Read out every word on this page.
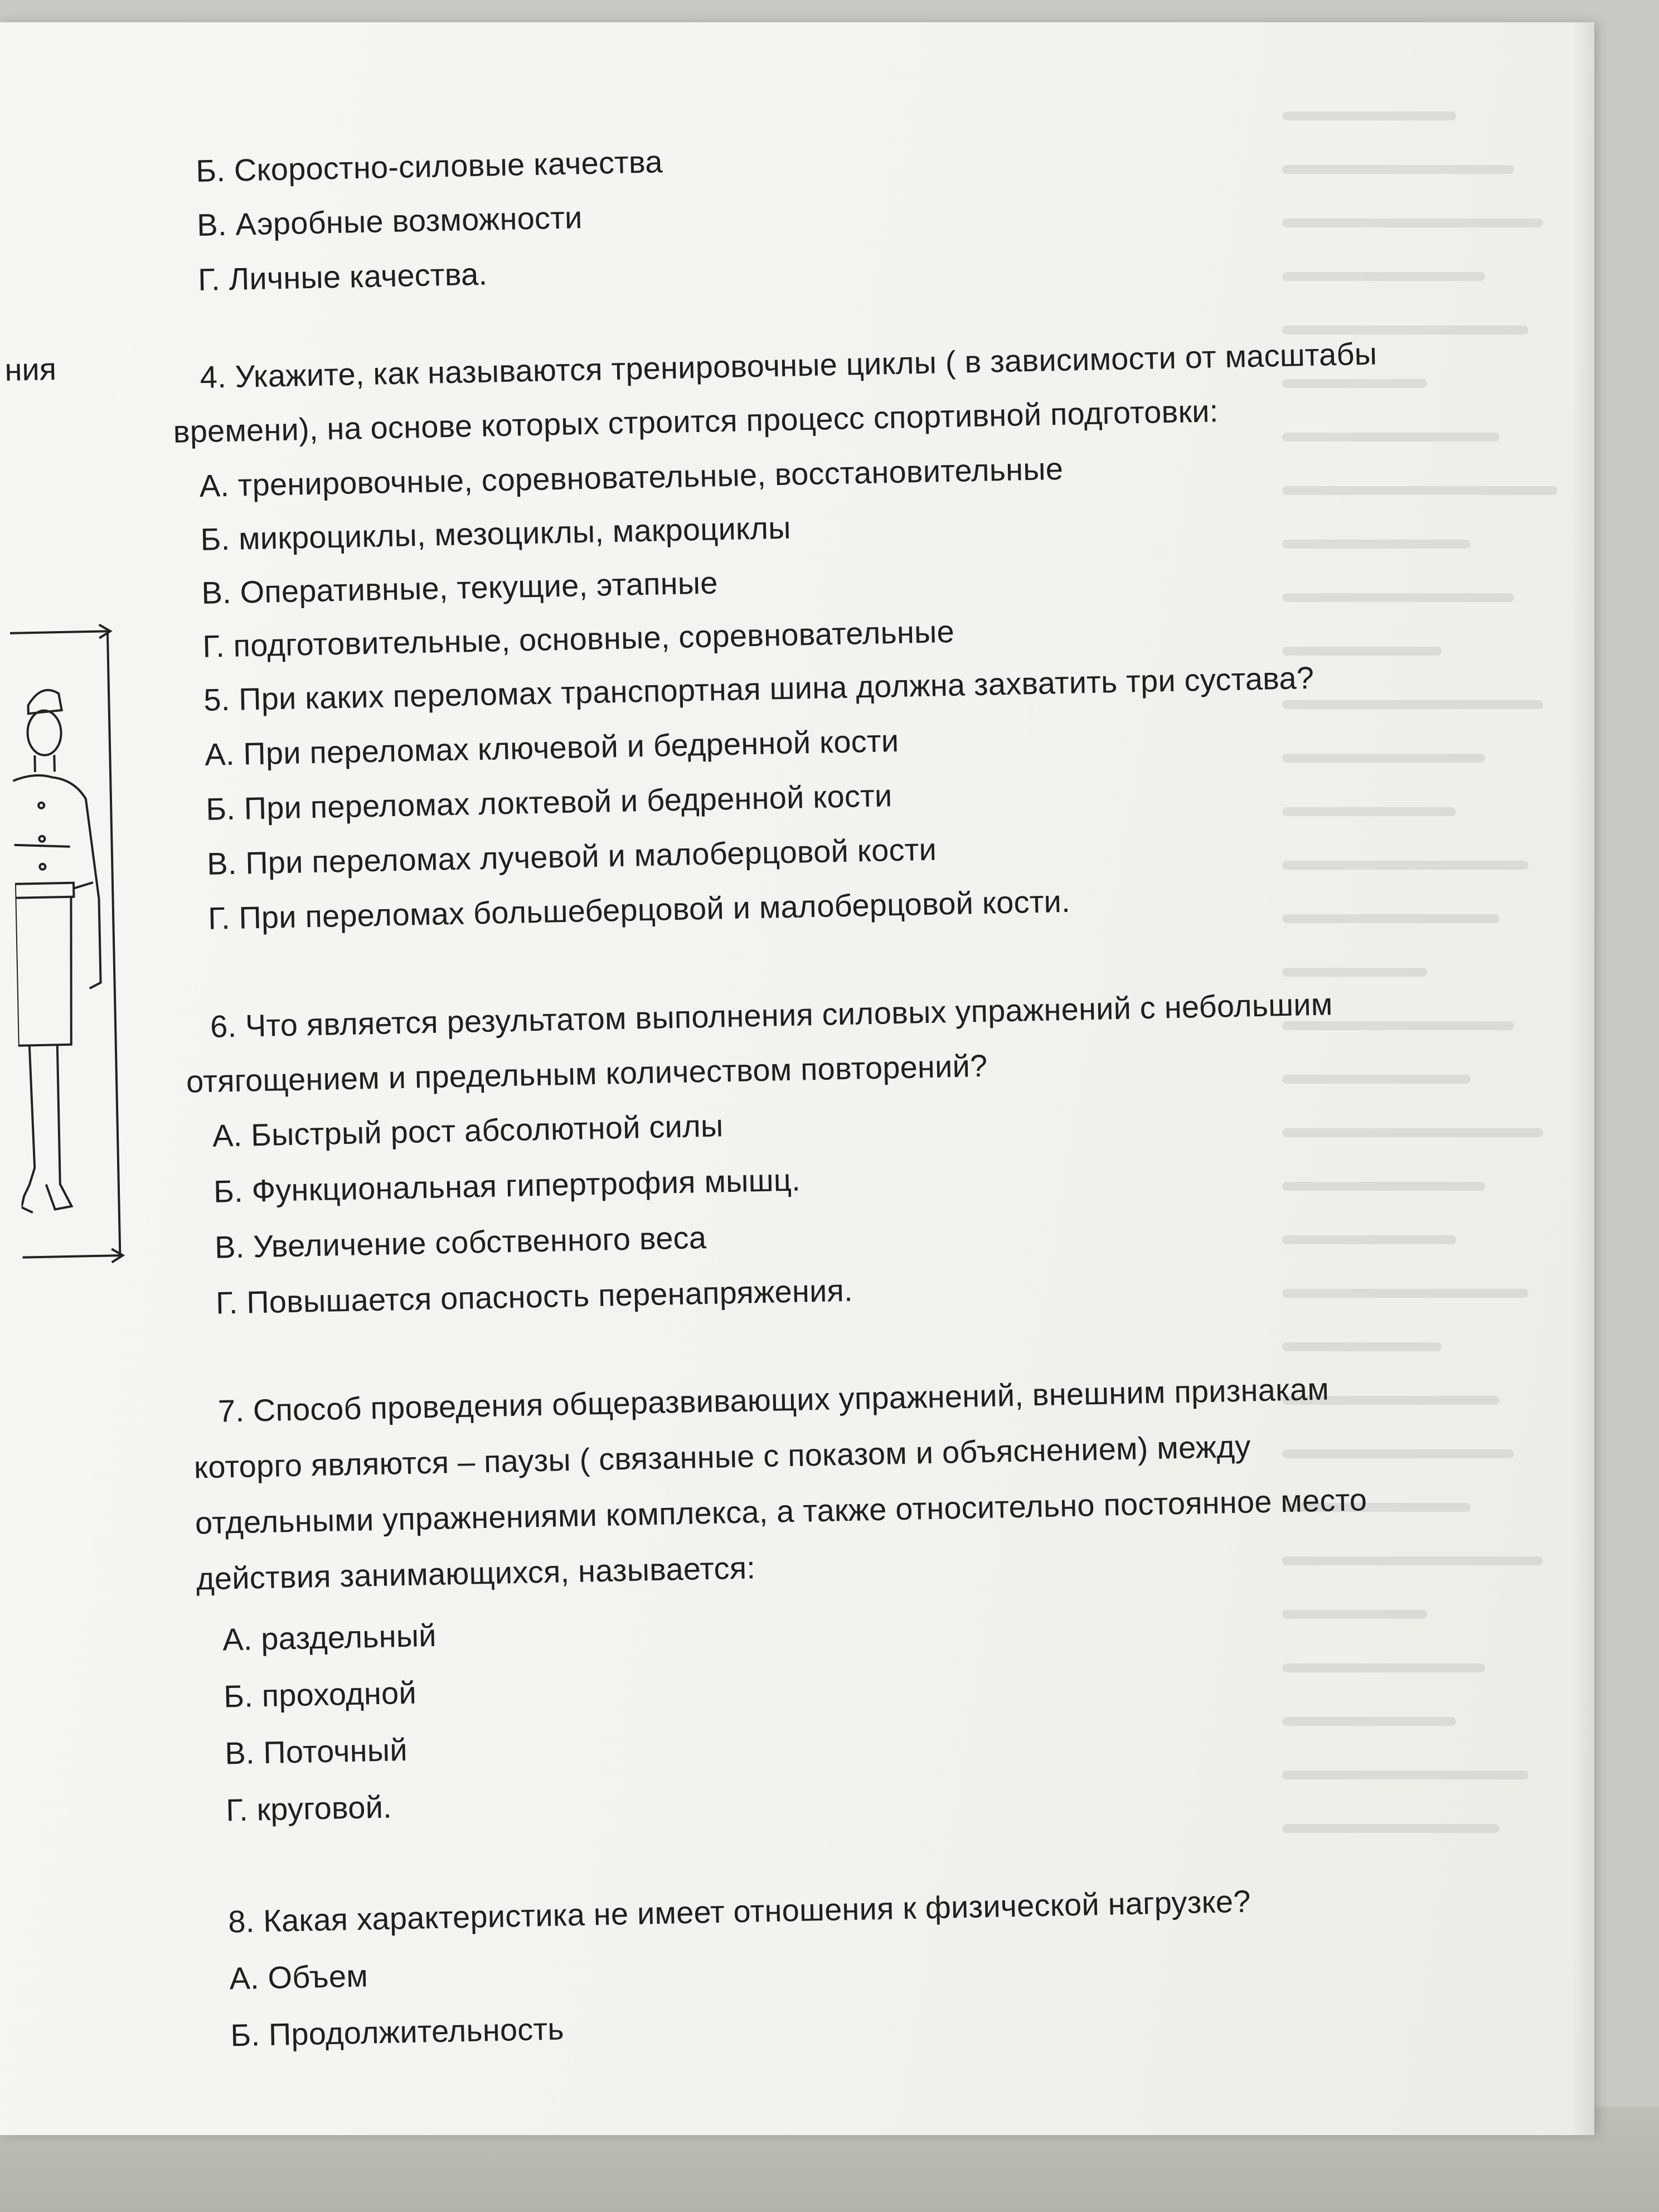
ния
Б. Скоростно-силовые качества
В. Аэробные возможности
Г. Личные качества.
4. Укажите, как называются тренировочные циклы ( в зависимости от масштабы
времени), на основе которых строится процесс спортивной подготовки:
А. тренировочные, соревновательные, восстановительные
Б. микроциклы, мезоциклы, макроциклы
В. Оперативные, текущие, этапные
Г. подготовительные, основные, соревновательные
5. При каких переломах транспортная шина должна захватить три сустава?
А. При переломах ключевой и бедренной кости
Б. При переломах локтевой и бедренной кости
В. При переломах лучевой и малоберцовой кости
Г. При переломах большеберцовой и малоберцовой кости.
6. Что является результатом выполнения силовых упражнений с небольшим
отягощением и предельным количеством повторений?
А. Быстрый рост абсолютной силы
Б. Функциональная гипертрофия мышц.
В. Увеличение собственного веса
Г. Повышается опасность перенапряжения.
7. Способ проведения общеразвивающих упражнений, внешним признакам
которго являются – паузы ( связанные с показом и объяснением) между
отдельными упражнениями комплекса, а также относительно постоянное место
действия занимающихся, называется:
А. раздельный
Б. проходной
В. Поточный
Г. круговой.
8. Какая характеристика не имеет отношения к физической нагрузке?
А. Объем
Б. Продолжительность
